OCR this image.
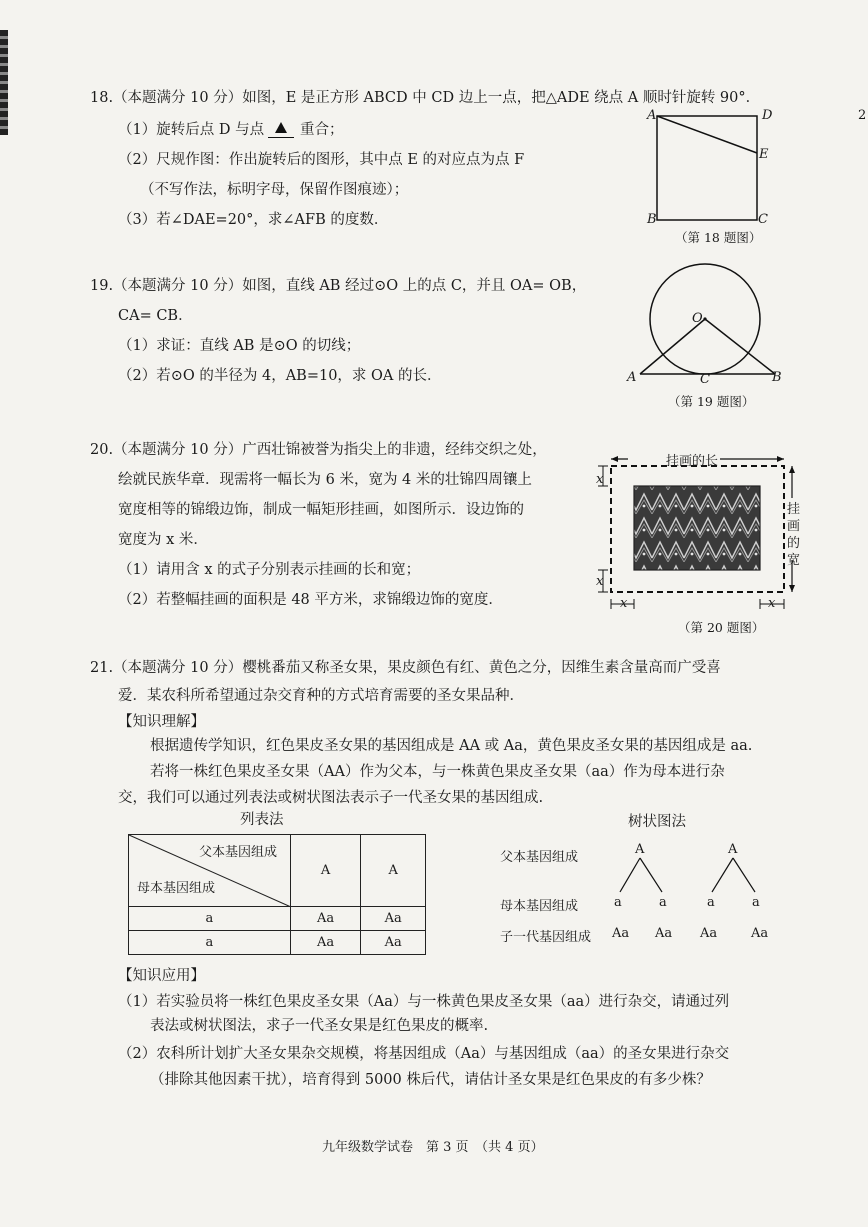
2
18.（本题满分 10 分）如图，E 是正方形 ABCD 中 CD 边上一点，把△ADE 绕点 A 顺时针旋转 90°．
（1）旋转后点 D 与点 重合；
（2）尺规作图：作出旋转后的图形，其中点 E 的对应点为点 F
（不写作法，标明字母，保留作图痕迹）；
（3）若∠DAE=20°，求∠AFB 的度数．
A	D
E
B	C
（第 18 题图）
19.（本题满分 10 分）如图，直线 AB 经过⊙O 上的点 C，并且 OA= OB，
CA= CB．
（1）求证：直线 AB 是⊙O 的切线；
（2）若⊙O 的半径为 4，AB=10，求 OA 的长．
O
A	C	B
（第 19 题图）
20.（本题满分 10 分）广西壮锦被誉为指尖上的非遗，经纬交织之处，
绘就民族华章．现需将一幅长为 6 米，宽为 4 米的壮锦四周镶上
宽度相等的锦缎边饰，制成一幅矩形挂画，如图所示．设边饰的
宽度为 x 米．
（1）请用含 x 的式子分别表示挂画的长和宽；
（2）若整幅挂画的面积是 48 平方米，求锦缎边饰的宽度．
挂画的长
挂
画
的
宽
x
x
x	x
（第 20 题图）
21.（本题满分 10 分）樱桃番茄又称圣女果，果皮颜色有红、黄色之分，因维生素含量高而广受喜
爱．某农科所希望通过杂交育种的方式培育需要的圣女果品种．
【知识理解】
根据遗传学知识，红色果皮圣女果的基因组成是 AA 或 Aa，黄色果皮圣女果的基因组成是 aa.
若将一株红色果皮圣女果（AA）作为父本，与一株黄色果皮圣女果（aa）作为母本进行杂
交，我们可以通过列表法或树状图法表示子一代圣女果的基因组成.
列表法
父本基因组成
母本基因组成	A	A
a	Aa	Aa
a	Aa	Aa
树状图法
父本基因组成
母本基因组成
子一代基因组成
A	A
a	a	a	a
Aa Aa Aa	Aa
【知识应用】
（1）若实验员将一株红色果皮圣女果（Aa）与一株黄色果皮圣女果（aa）进行杂交，请通过列
表法或树状图法，求子一代圣女果是红色果皮的概率.
（2）农科所计划扩大圣女果杂交规模，将基因组成（Aa）与基因组成（aa）的圣女果进行杂交
（排除其他因素干扰），培育得到 5000 株后代，请估计圣女果是红色果皮的有多少株？
九年级数学试卷　第 3 页　（共 4 页）
